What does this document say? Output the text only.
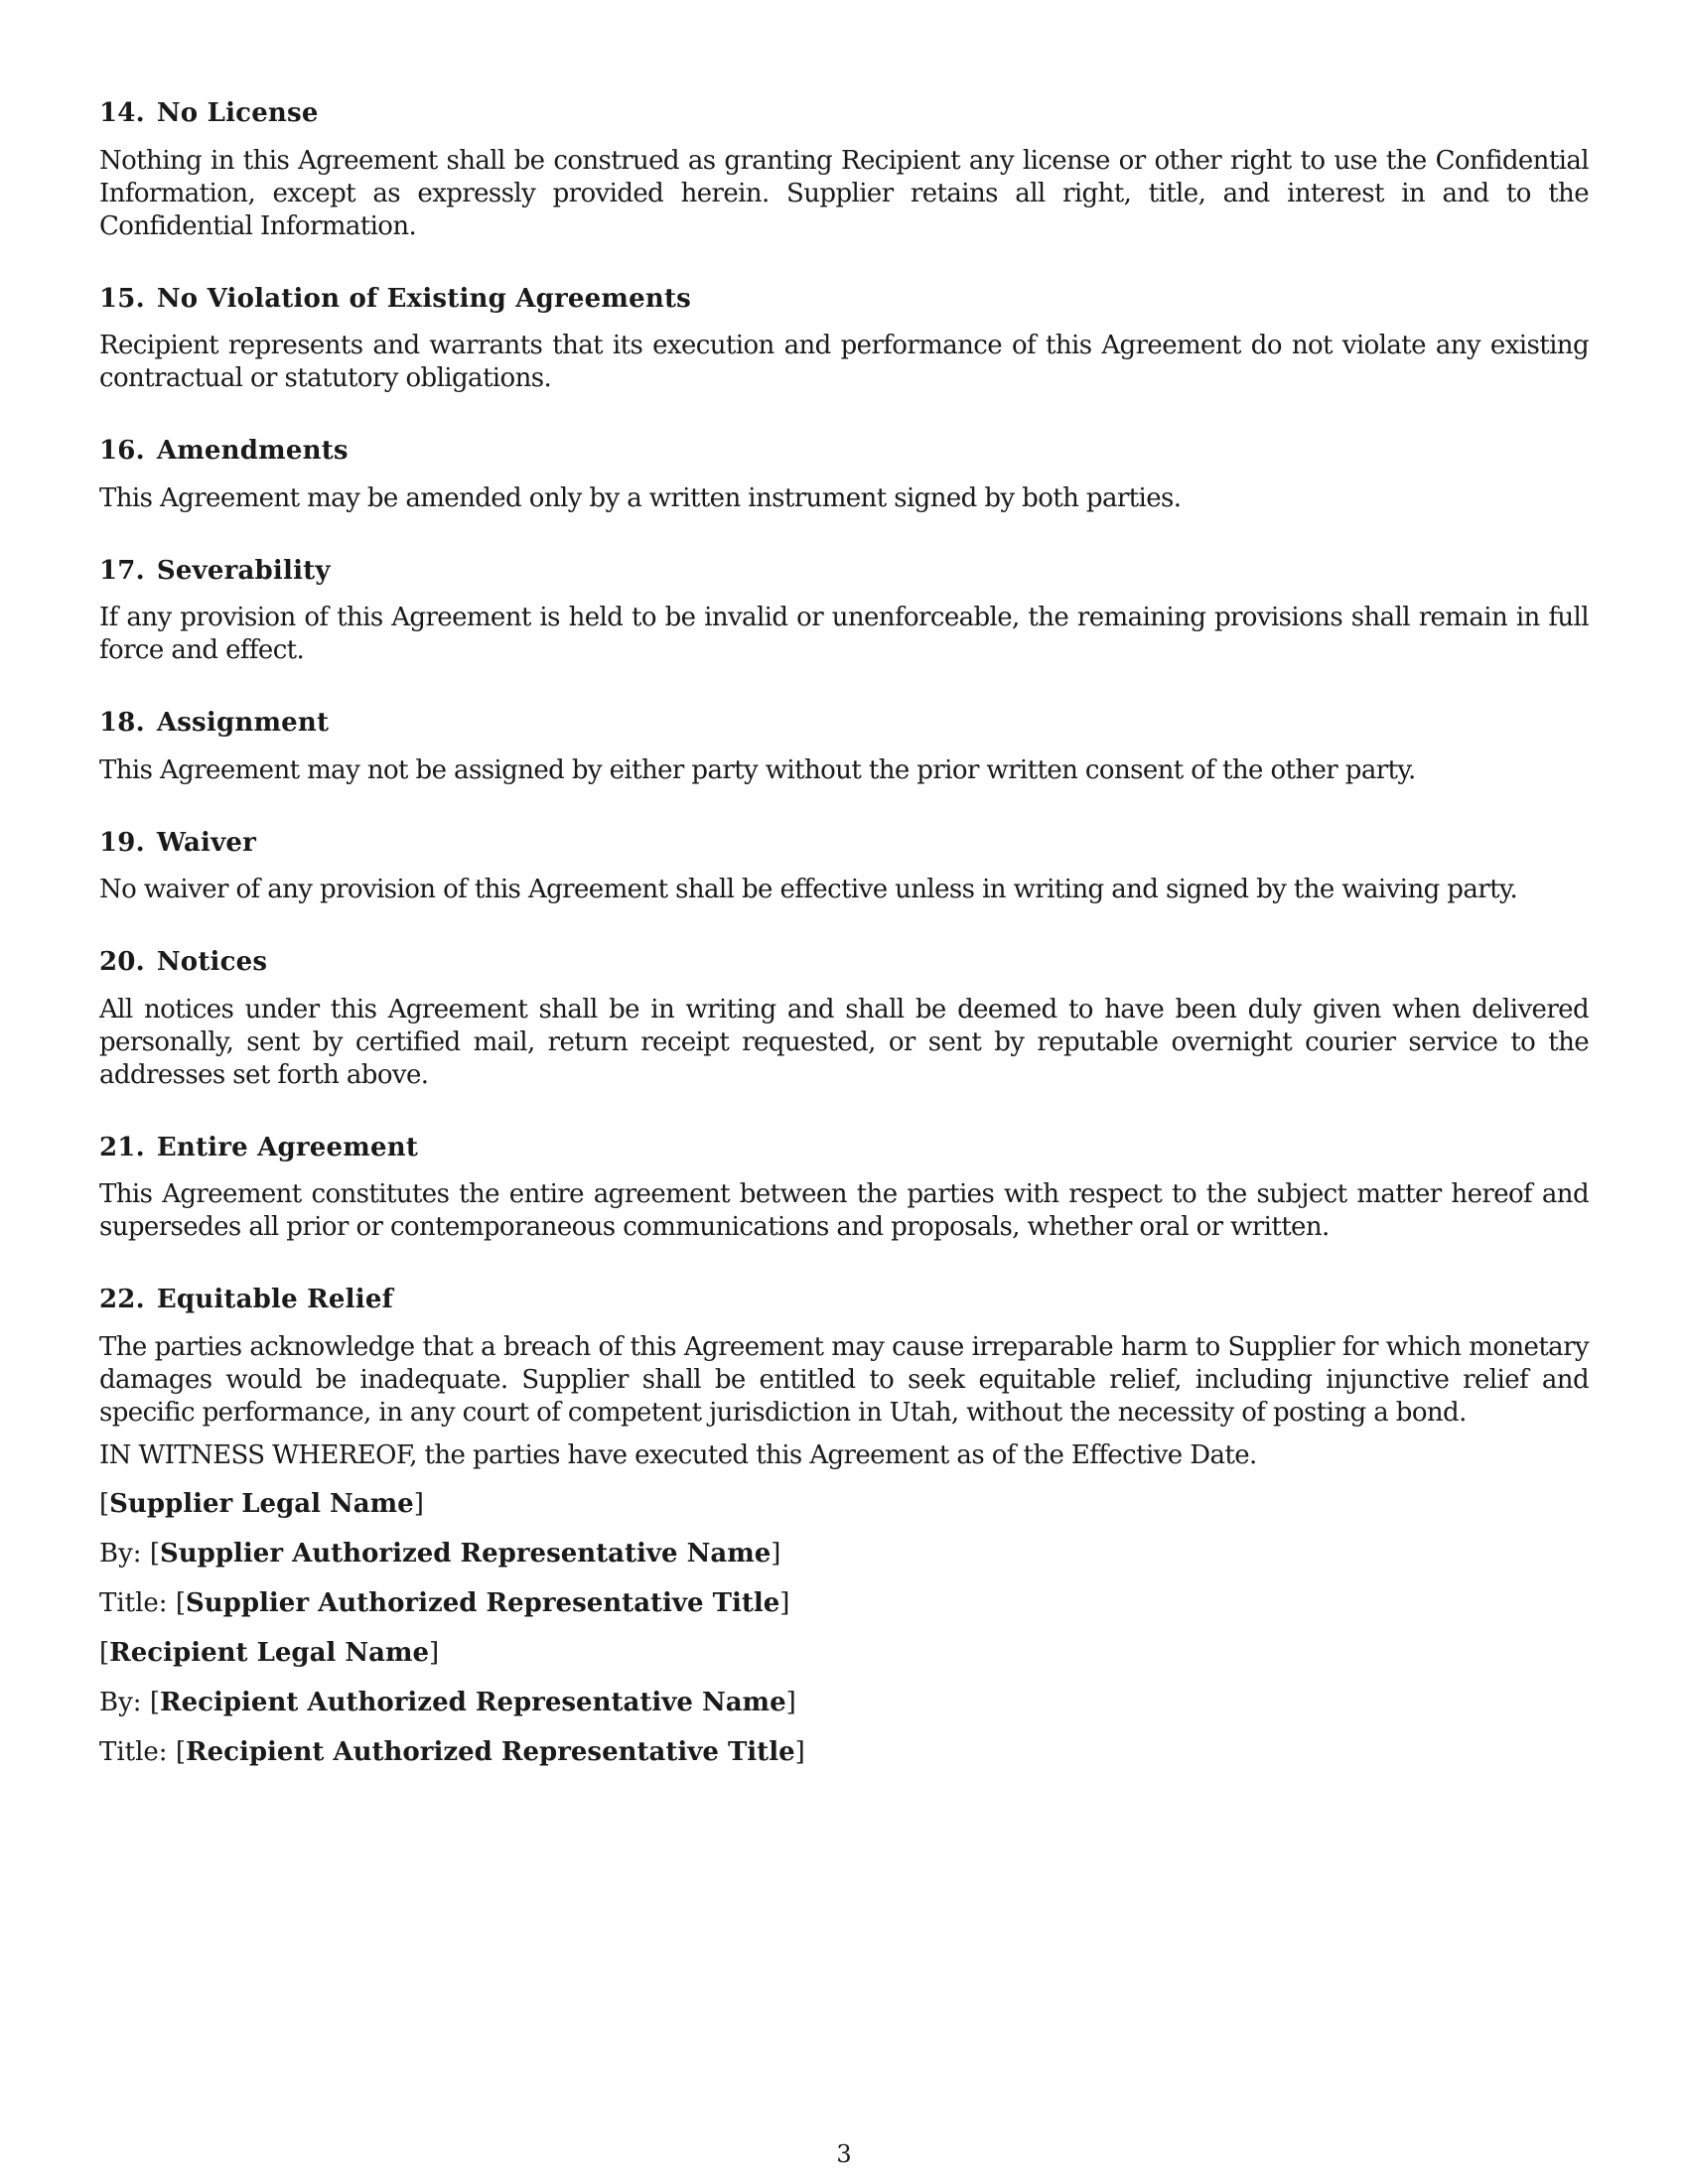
14. No License

Nothing in this Agreement shall be construed as granting Recipient any license or other right to use the Confidential Information, except as expressly provided herein. Supplier retains all right, title, and interest in and to the Confidential Information.

15. No Violation of Existing Agreements

Recipient represents and warrants that its execution and performance of this Agreement do not violate any existing contractual or statutory obligations.

16. Amendments

This Agreement may be amended only by a written instrument signed by both parties.

17. Severability

If any provision of this Agreement is held to be invalid or unenforceable, the remaining provisions shall remain in full force and effect.

18. Assignment

This Agreement may not be assigned by either party without the prior written consent of the other party.

19. Waiver

No waiver of any provision of this Agreement shall be effective unless in writing and signed by the waiving party.

20. Notices

All notices under this Agreement shall be in writing and shall be deemed to have been duly given when delivered personally, sent by certified mail, return receipt requested, or sent by reputable overnight courier service to the addresses set forth above.

21. Entire Agreement

This Agreement constitutes the entire agreement between the parties with respect to the subject matter hereof and supersedes all prior or contemporaneous communications and proposals, whether oral or written.

22. Equitable Relief

The parties acknowledge that a breach of this Agreement may cause irreparable harm to Supplier for which monetary damages would be inadequate. Supplier shall be entitled to seek equitable relief, including injunctive relief and specific performance, in any court of competent jurisdiction in Utah, without the necessity of posting a bond.

IN WITNESS WHEREOF, the parties have executed this Agreement as of the Effective Date.

[Supplier Legal Name]

By: [Supplier Authorized Representative Name]

Title: [Supplier Authorized Representative Title]

[Recipient Legal Name]

By: [Recipient Authorized Representative Name]

Title: [Recipient Authorized Representative Title]

3
